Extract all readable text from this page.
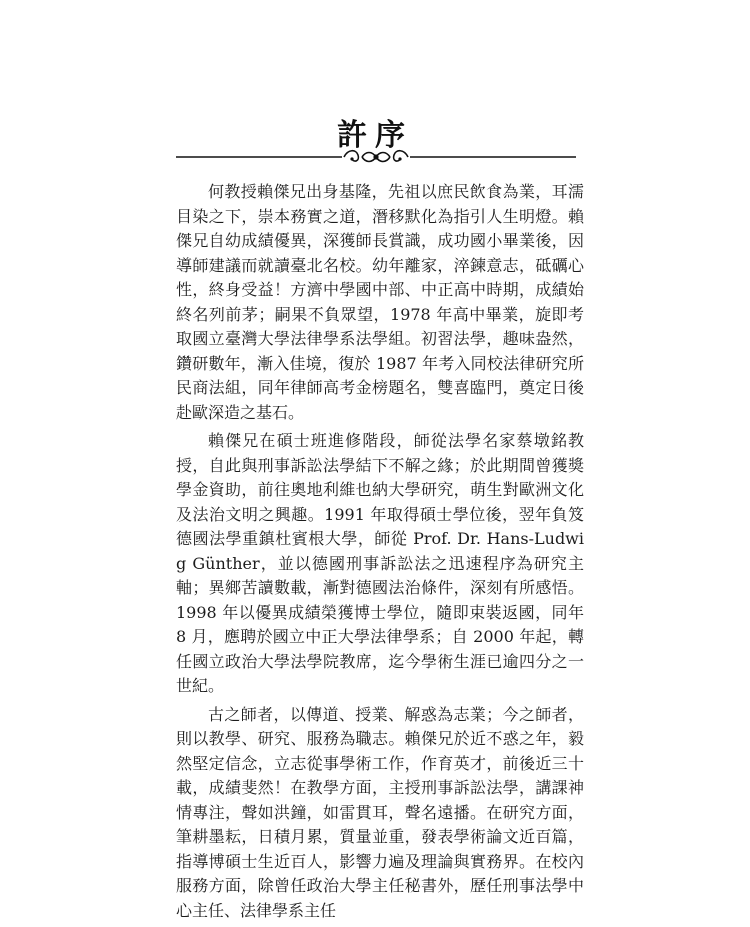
許序

何教授賴傑兄出身基隆，先祖以庶民飲食為業，耳濡目染之下，崇本務實之道，潛移默化為指引人生明燈。賴傑兄自幼成績優異，深獲師長賞識，成功國小畢業後，因導師建議而就讀臺北名校。幼年離家，淬鍊意志，砥礪心性，終身受益！方濟中學國中部、中正高中時期，成績始終名列前茅；嗣果不負眾望，1978 年高中畢業，旋即考取國立臺灣大學法律學系法學組。初習法學，趣味盎然，鑽研數年，漸入佳境，復於 1987 年考入同校法律研究所民商法組，同年律師高考金榜題名，雙喜臨門，奠定日後赴歐深造之基石。

賴傑兄在碩士班進修階段，師從法學名家蔡墩銘教授，自此與刑事訴訟法學結下不解之緣；於此期間曾獲獎學金資助，前往奧地利維也納大學研究，萌生對歐洲文化及法治文明之興趣。1991 年取得碩士學位後，翌年負笈德國法學重鎮杜賓根大學，師從 Prof. Dr. Hans-Ludwig Günther，並以德國刑事訴訟法之迅速程序為研究主軸；異鄉苦讀數載，漸對德國法治條件，深刻有所感悟。1998 年以優異成績榮獲博士學位，隨即束裝返國，同年 8 月，應聘於國立中正大學法律學系；自 2000 年起，轉任國立政治大學法學院教席，迄今學術生涯已逾四分之一世紀。

古之師者，以傳道、授業、解惑為志業；今之師者，則以教學、研究、服務為職志。賴傑兄於近不惑之年，毅然堅定信念，立志從事學術工作，作育英才，前後近三十載，成績斐然！在教學方面，主授刑事訴訟法學，講課神情專注，聲如洪鐘，如雷貫耳，聲名遠播。在研究方面，筆耕墨耘，日積月累，質量並重，發表學術論文近百篇，指導博碩士生近百人，影響力遍及理論與實務界。在校內服務方面，除曾任政治大學主任秘書外，歷任刑事法學中心主任、法律學系主任
